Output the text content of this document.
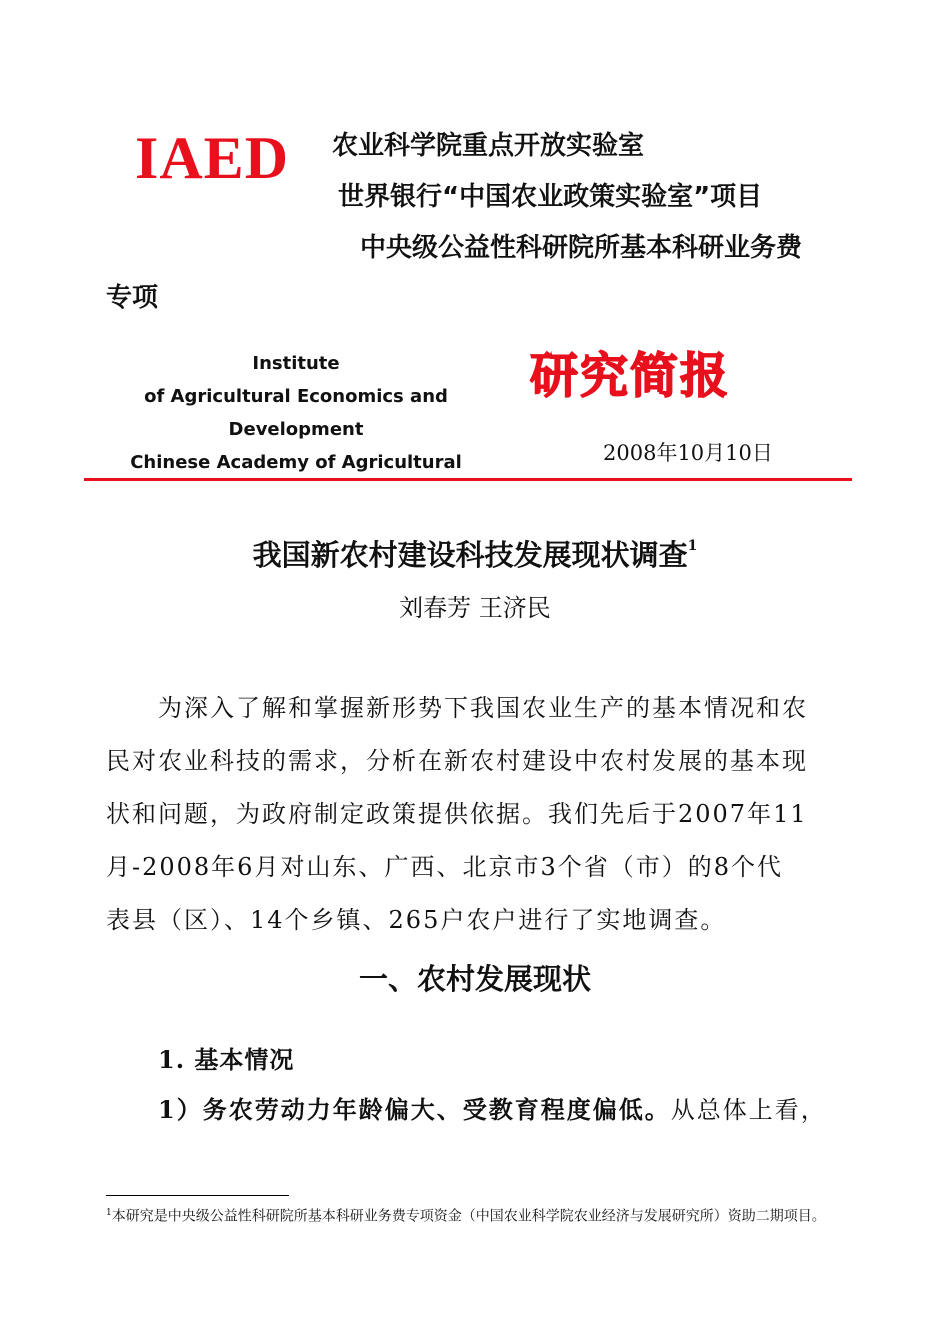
IAED 农业科学院重点开放实验室
世界银行“中国农业政策实验室”项目
中央级公益性科研院所基本科研业务费
专项
Institute
of Agricultural Economics and
Development
Chinese Academy of Agricultural
研究简报
2008年10月10日
我国新农村建设科技发展现状调查$^1$
刘春芳 王济民
为深入了解和掌握新形势下我国农业生产的基本情况和农
民对农业科技的需求，分析在新农村建设中农村发展的基本现
状和问题，为政府制定政策提供依据。我们先后于2007年11
月-2008年6月对山东、广西、北京市3个省（市）的8个代
表县（区）、14个乡镇、265户农户进行了实地调查。
一、农村发展现状
1. 基本情况
1）务农劳动力年龄偏大、受教育程度偏低。从总体上看，
$^1$本研究是中央级公益性科研院所基本科研业务费专项资金（中国农业科学院农业经济与发展研究所）资助二期项目。
